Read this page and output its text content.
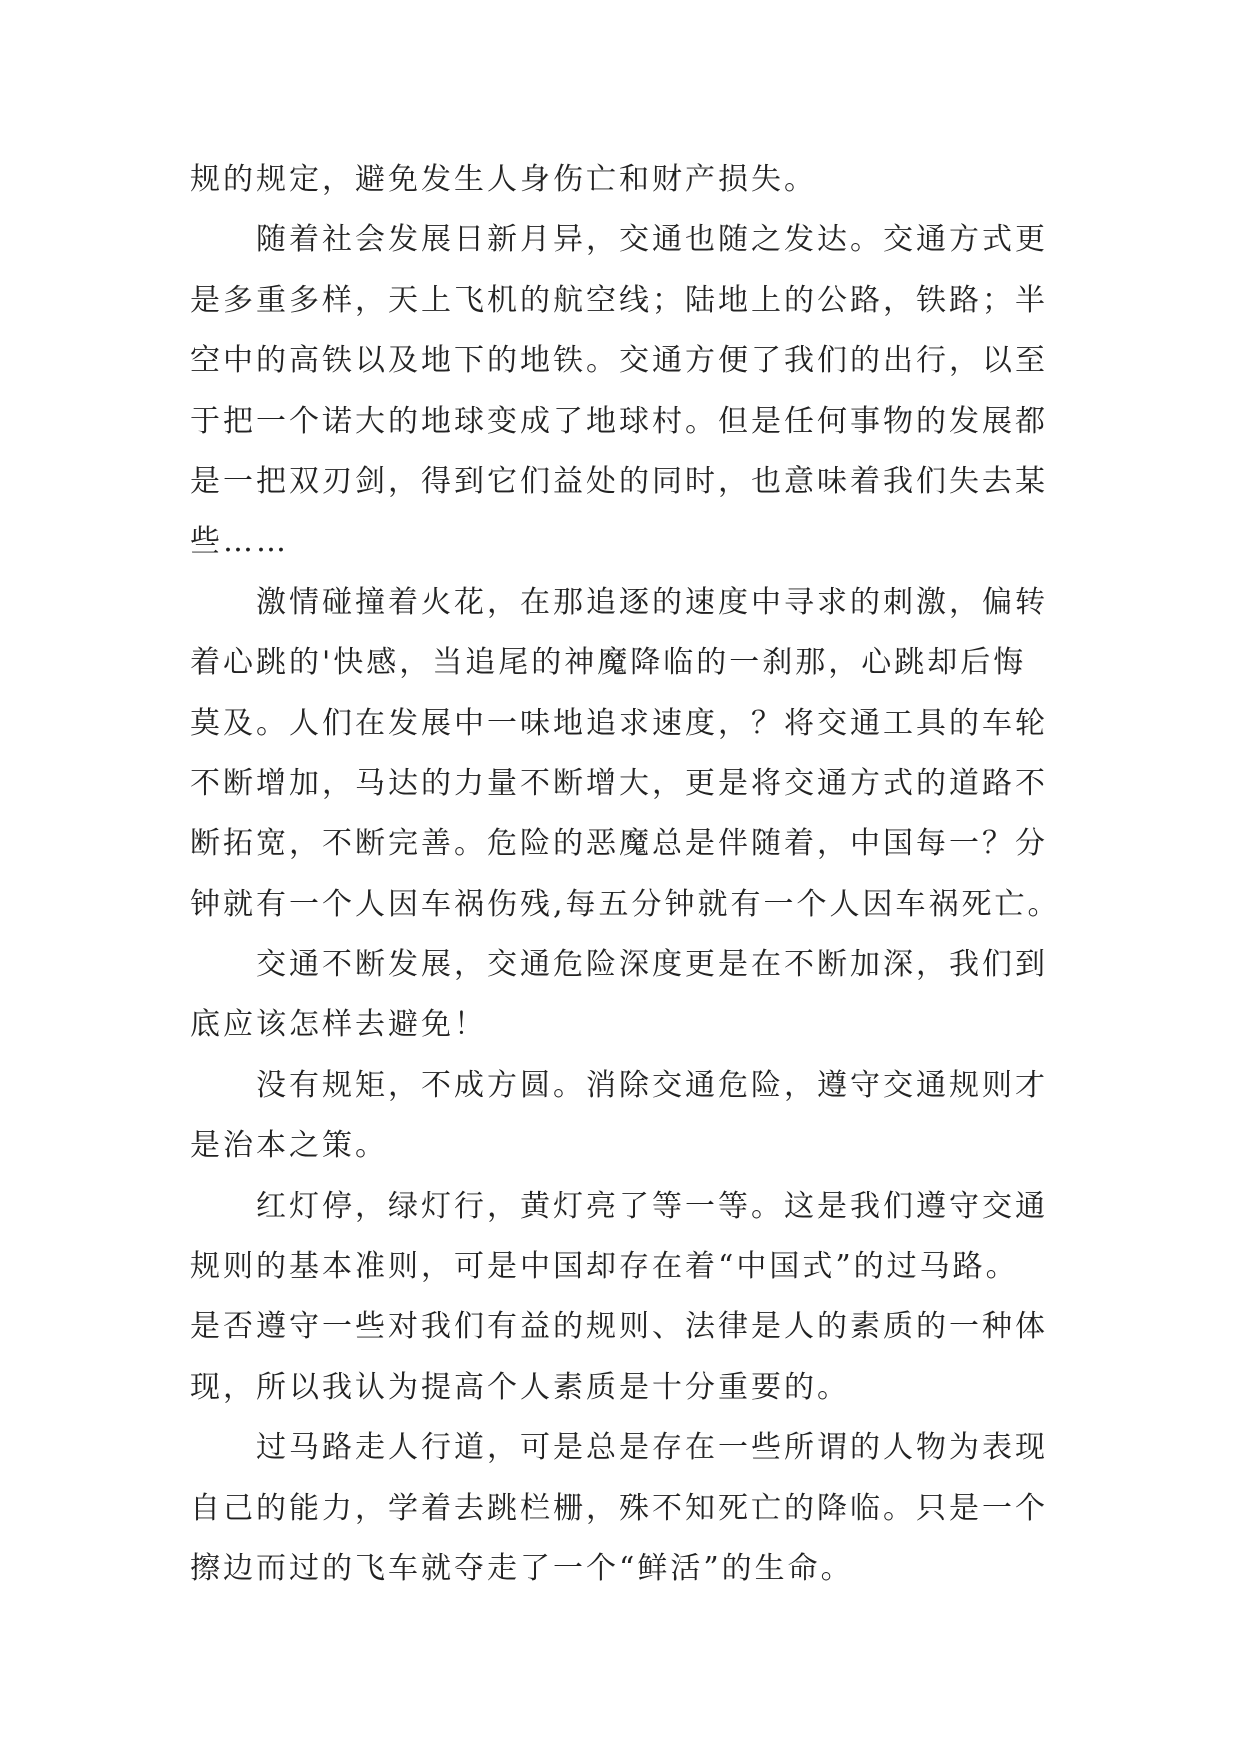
规的规定，避免发生人身伤亡和财产损失。
随着社会发展日新月异，交通也随之发达。交通方式更
是多重多样，天上飞机的航空线；陆地上的公路，铁路；半
空中的高铁以及地下的地铁。交通方便了我们的出行，以至
于把一个诺大的地球变成了地球村。但是任何事物的发展都
是一把双刃剑，得到它们益处的同时，也意味着我们失去某
些……
激情碰撞着火花，在那追逐的速度中寻求的刺激，偏转
着心跳的'快感，当追尾的神魔降临的一刹那，心跳却后悔
莫及。人们在发展中一味地追求速度，？将交通工具的车轮
不断增加，马达的力量不断增大，更是将交通方式的道路不
断拓宽，不断完善。危险的恶魔总是伴随着，中国每一？分
钟就有一个人因车祸伤残,每五分钟就有一个人因车祸死亡。
交通不断发展，交通危险深度更是在不断加深，我们到
底应该怎样去避免！
没有规矩，不成方圆。消除交通危险，遵守交通规则才
是治本之策。
红灯停，绿灯行，黄灯亮了等一等。这是我们遵守交通
规则的基本准则，可是中国却存在着“中国式”的过马路。
是否遵守一些对我们有益的规则、法律是人的素质的一种体
现，所以我认为提高个人素质是十分重要的。
过马路走人行道，可是总是存在一些所谓的人物为表现
自己的能力，学着去跳栏栅，殊不知死亡的降临。只是一个
擦边而过的飞车就夺走了一个“鲜活”的生命。
